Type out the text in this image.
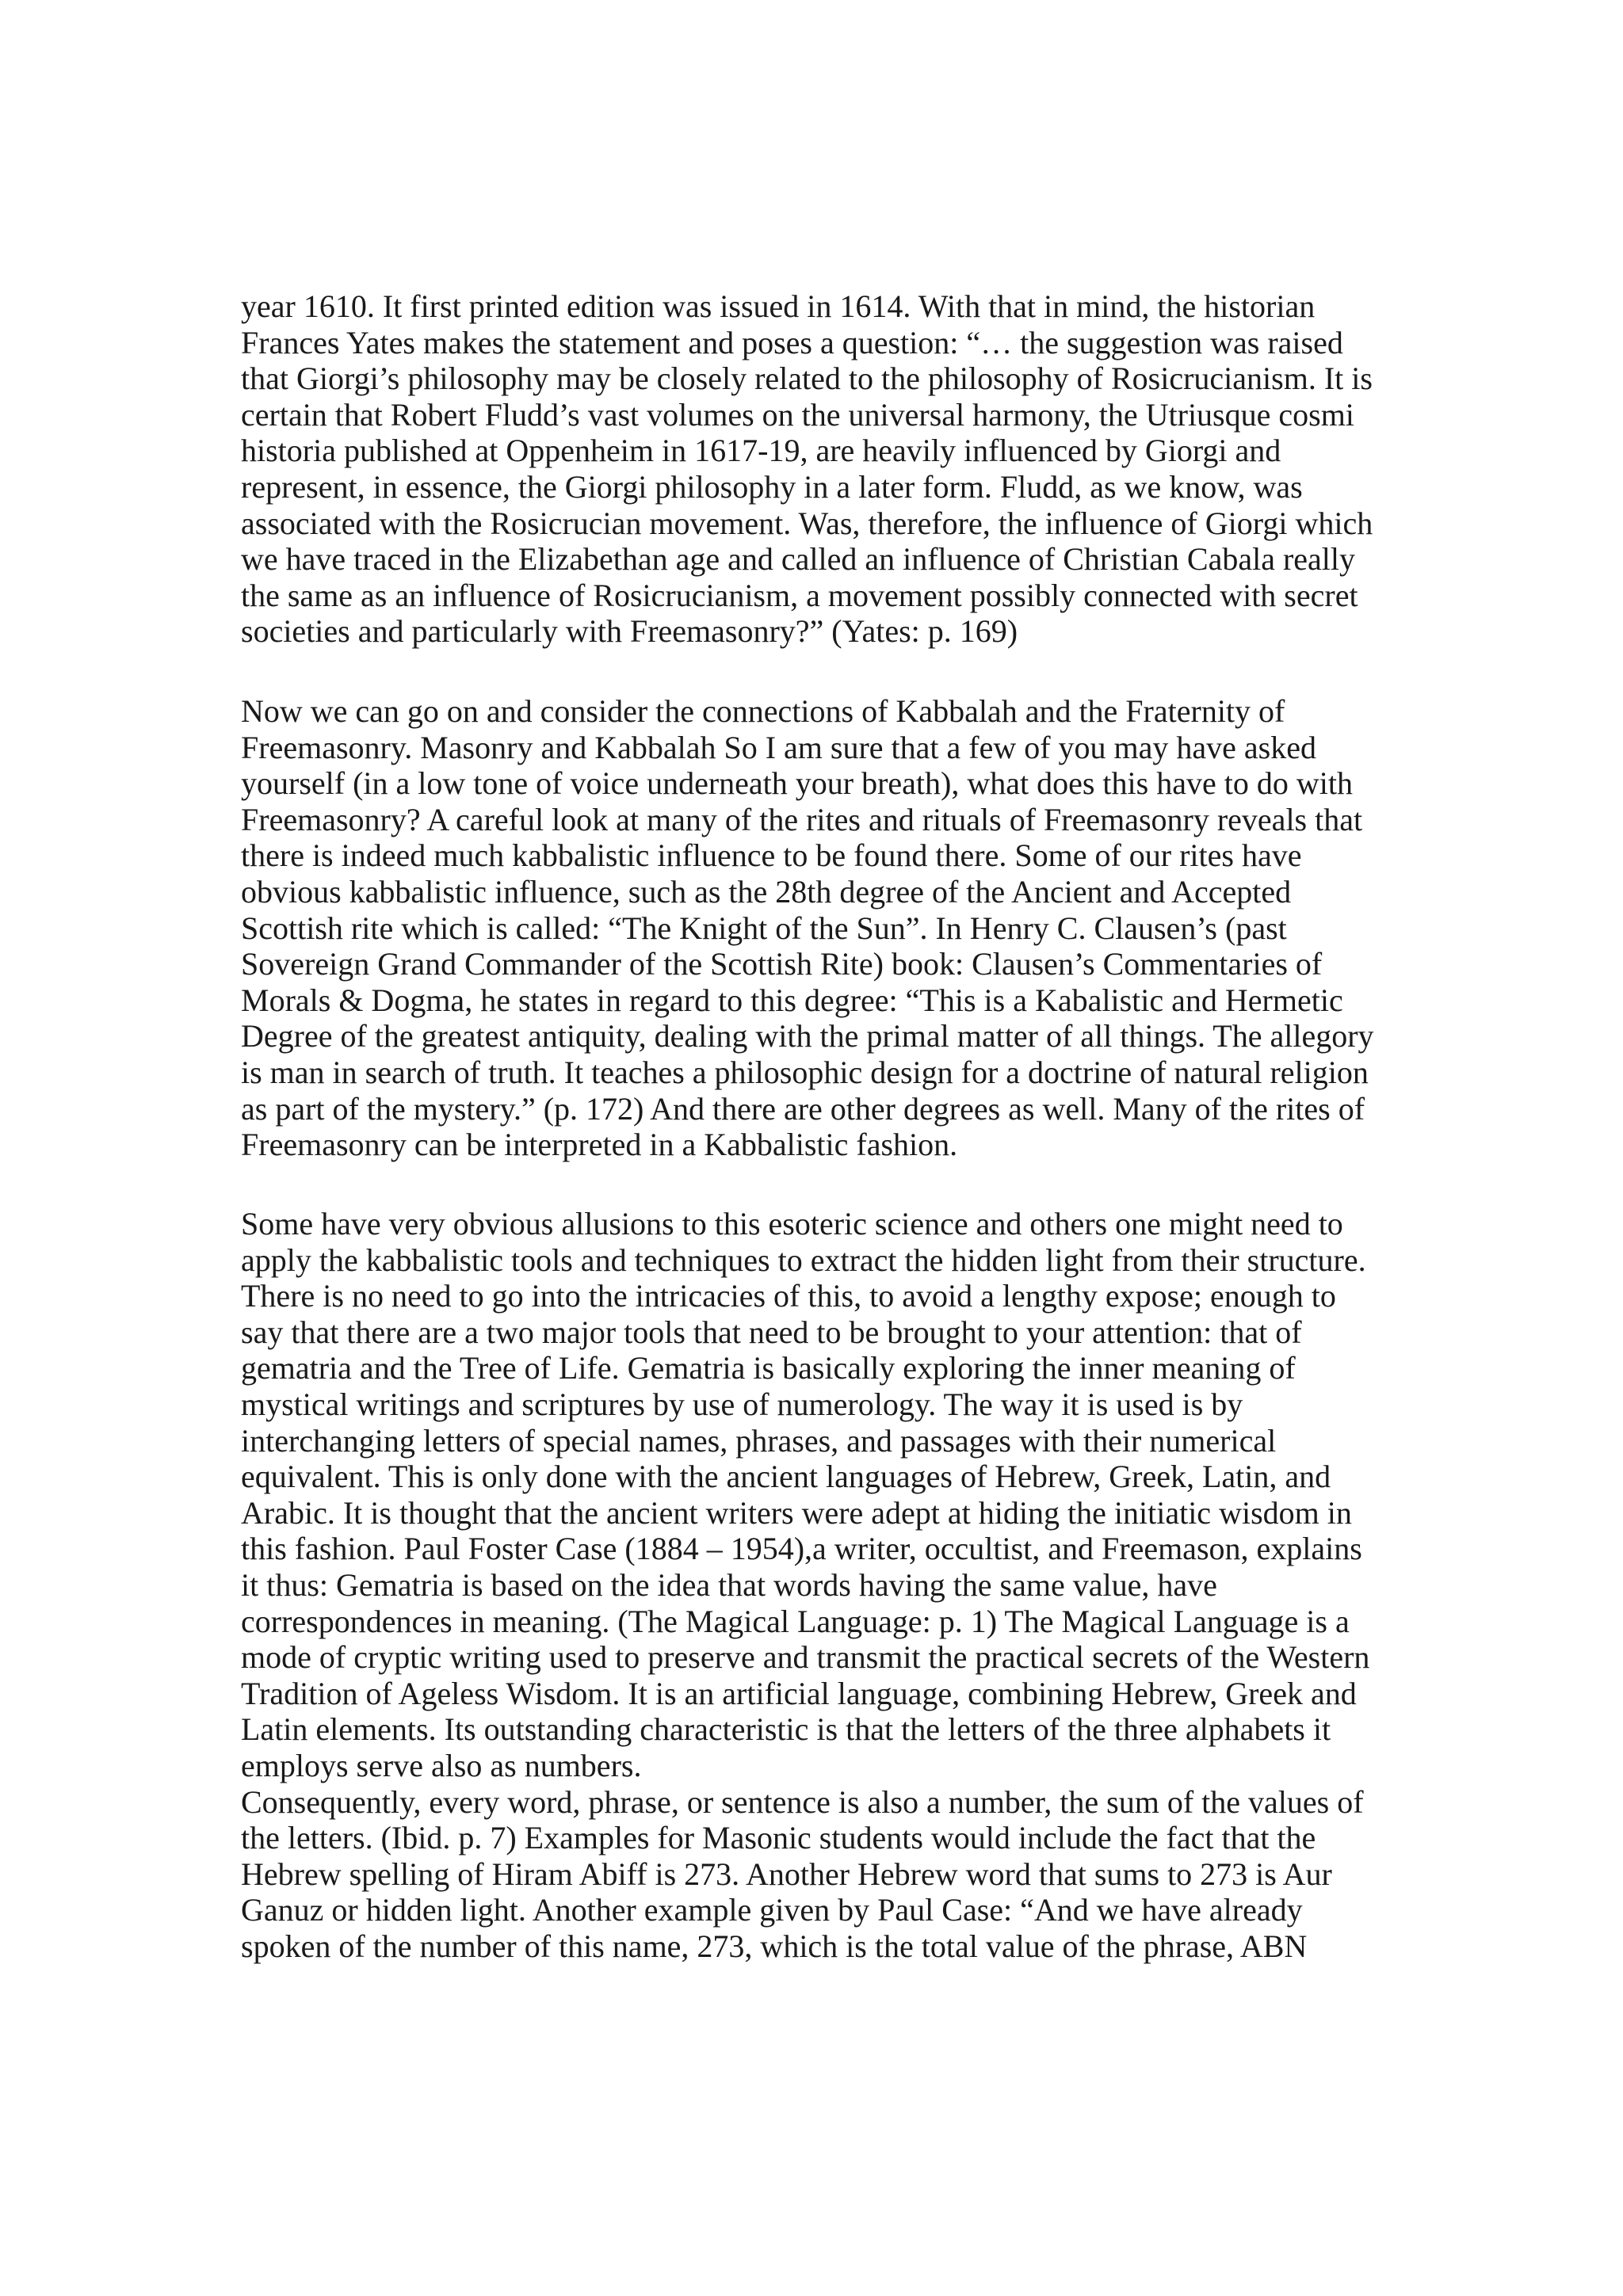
year 1610. It first printed edition was issued in 1614. With that in mind, the historian
Frances Yates makes the statement and poses a question: “… the suggestion was raised
that Giorgi’s philosophy may be closely related to the philosophy of Rosicrucianism. It is
certain that Robert Fludd’s vast volumes on the universal harmony, the Utriusque cosmi
historia published at Oppenheim in 1617-19, are heavily influenced by Giorgi and
represent, in essence, the Giorgi philosophy in a later form. Fludd, as we know, was
associated with the Rosicrucian movement. Was, therefore, the influence of Giorgi which
we have traced in the Elizabethan age and called an influence of Christian Cabala really
the same as an influence of Rosicrucianism, a movement possibly connected with secret
societies and particularly with Freemasonry?” (Yates: p. 169)
Now we can go on and consider the connections of Kabbalah and the Fraternity of
Freemasonry. Masonry and Kabbalah So I am sure that a few of you may have asked
yourself (in a low tone of voice underneath your breath), what does this have to do with
Freemasonry? A careful look at many of the rites and rituals of Freemasonry reveals that
there is indeed much kabbalistic influence to be found there. Some of our rites have
obvious kabbalistic influence, such as the 28th degree of the Ancient and Accepted
Scottish rite which is called: “The Knight of the Sun”. In Henry C. Clausen’s (past
Sovereign Grand Commander of the Scottish Rite) book: Clausen’s Commentaries of
Morals & Dogma, he states in regard to this degree: “This is a Kabalistic and Hermetic
Degree of the greatest antiquity, dealing with the primal matter of all things. The allegory
is man in search of truth. It teaches a philosophic design for a doctrine of natural religion
as part of the mystery.” (p. 172) And there are other degrees as well. Many of the rites of
Freemasonry can be interpreted in a Kabbalistic fashion.
Some have very obvious allusions to this esoteric science and others one might need to
apply the kabbalistic tools and techniques to extract the hidden light from their structure.
There is no need to go into the intricacies of this, to avoid a lengthy expose; enough to
say that there are a two major tools that need to be brought to your attention: that of
gematria and the Tree of Life. Gematria is basically exploring the inner meaning of
mystical writings and scriptures by use of numerology. The way it is used is by
interchanging letters of special names, phrases, and passages with their numerical
equivalent. This is only done with the ancient languages of Hebrew, Greek, Latin, and
Arabic. It is thought that the ancient writers were adept at hiding the initiatic wisdom in
this fashion. Paul Foster Case (1884 – 1954),a writer, occultist, and Freemason, explains
it thus: Gematria is based on the idea that words having the same value, have
correspondences in meaning. (The Magical Language: p. 1) The Magical Language is a
mode of cryptic writing used to preserve and transmit the practical secrets of the Western
Tradition of Ageless Wisdom. It is an artificial language, combining Hebrew, Greek and
Latin elements. Its outstanding characteristic is that the letters of the three alphabets it
employs serve also as numbers.
Consequently, every word, phrase, or sentence is also a number, the sum of the values of
the letters. (Ibid. p. 7) Examples for Masonic students would include the fact that the
Hebrew spelling of Hiram Abiff is 273. Another Hebrew word that sums to 273 is Aur
Ganuz or hidden light. Another example given by Paul Case: “And we have already
spoken of the number of this name, 273, which is the total value of the phrase, ABN
